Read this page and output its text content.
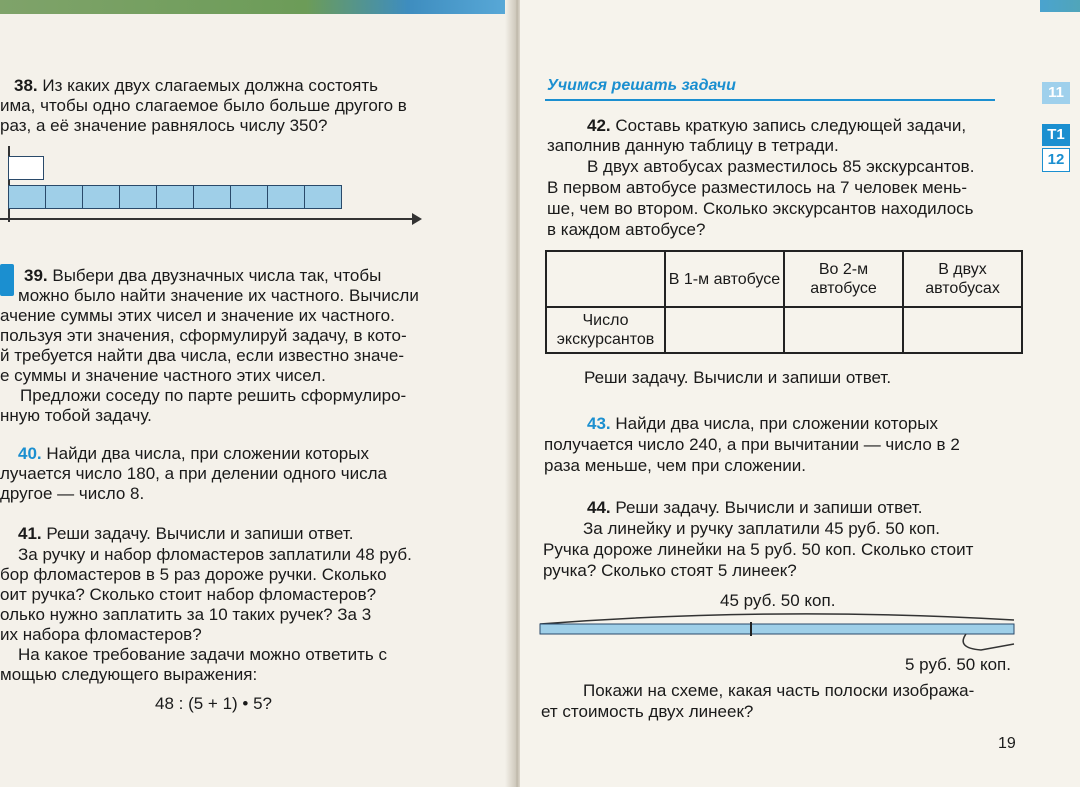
38. Из каких двух слагаемых должна состоять
има, чтобы одно слагаемое было больше другого в
раз, а её значение равнялось числу 350?
39. Выбери два двузначных числа так, чтобы
можно было найти значение их частного. Вычисли
ачение суммы этих чисел и значение их частного.
пользуя эти значения, сформулируй задачу, в кото-
й требуется найти два числа, если известно значе-
е суммы и значение частного этих чисел.
Предложи соседу по парте решить сформулиро-
нную тобой задачу.
40. Найди два числа, при сложении которых
лучается число 180, а при делении одного числа
другое — число 8.
41. Реши задачу. Вычисли и запиши ответ.
За ручку и набор фломастеров заплатили 48 руб.
бор фломастеров в 5 раз дороже ручки. Сколько
оит ручка? Сколько стоит набор фломастеров?
олько нужно заплатить за 10 таких ручек? За 3
их набора фломастеров?
На какое требование задачи можно ответить с
мощью следующего выражения:
48 : (5 + 1) • 5?
Учимся решать задачи	11
Т1
12
42. Составь краткую запись следующей задачи,
заполнив данную таблицу в тетради.
В двух автобусах разместилось 85 экскурсантов.
В первом автобусе разместилось на 7 человек мень-
ше, чем во втором. Сколько экскурсантов находилось
в каждом автобусе?
	В 1-м автобусе	Во 2-м автобусе	В двух автобусах
Число экскурсантов			
Реши задачу. Вычисли и запиши ответ.
43. Найди два числа, при сложении которых
получается число 240, а при вычитании — число в 2
раза меньше, чем при сложении.
44. Реши задачу. Вычисли и запиши ответ.
За линейку и ручку заплатили 45 руб. 50 коп.
Ручка дороже линейки на 5 руб. 50 коп. Сколько стоит
ручка? Сколько стоят 5 линеек?
45 руб. 50 коп.
5 руб. 50 коп.
Покажи на схеме, какая часть полоски изобража-
ет стоимость двух линеек?
19
